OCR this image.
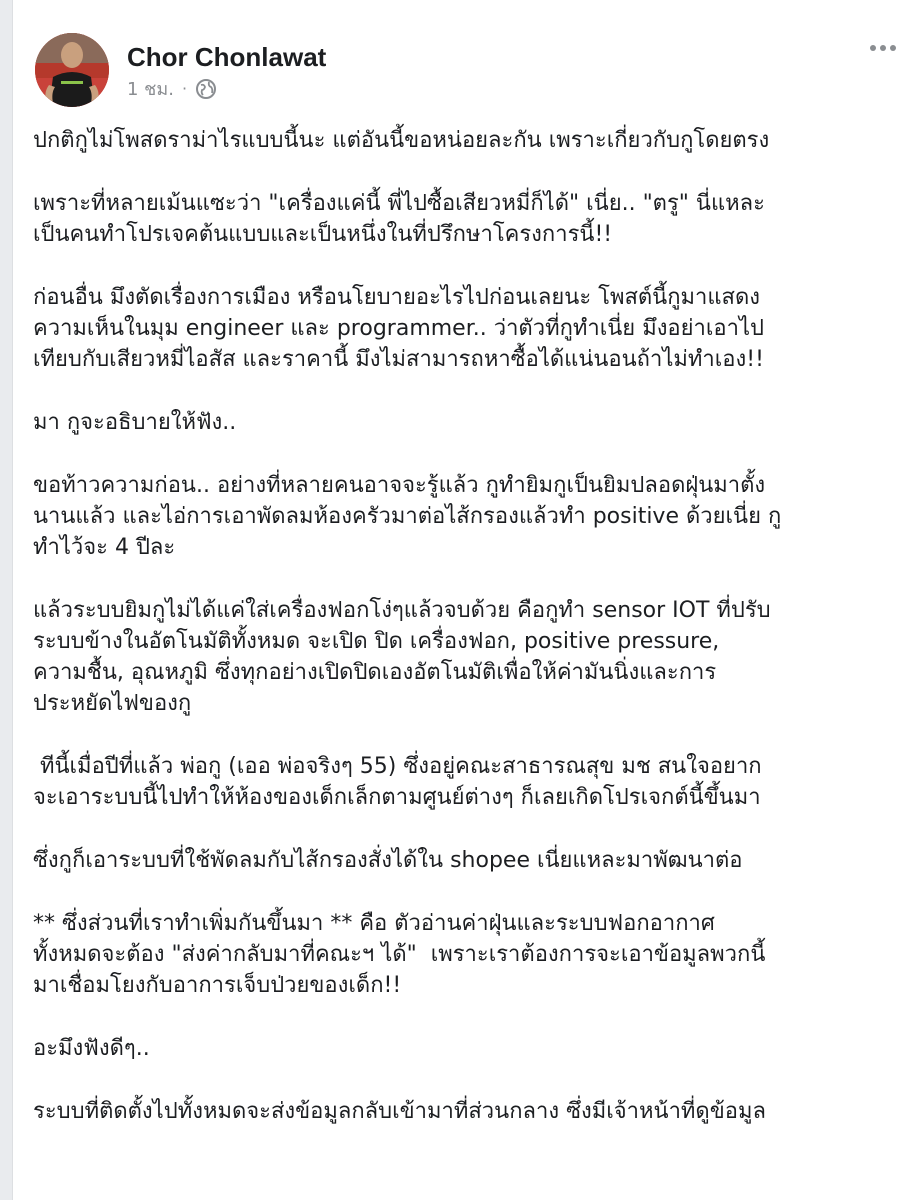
Chor Chonlawat
1 ชม. ·

ปกติกูไม่โพสดราม่าไรแบบนี้นะ แต่อันนี้ขอหน่อยละกัน เพราะเกี่ยวกับกูโดยตรง

เพราะที่หลายเม้นแซะว่า "เครื่องแค่นี้ พี่ไปซื้อเสียวหมี่ก็ได้" เนี่ย.. "ตรู" นี่แหละ
เป็นคนทำโปรเจคต้นแบบและเป็นหนึ่งในที่ปรึกษาโครงการนี้!!

ก่อนอื่น มึงตัดเรื่องการเมือง หรือนโยบายอะไรไปก่อนเลยนะ โพสต์นี้กูมาแสดง
ความเห็นในมุม engineer และ programmer.. ว่าตัวที่กูทำเนี่ย มึงอย่าเอาไป
เทียบกับเสียวหมี่ไอสัส และราคานี้ มึงไม่สามารถหาซื้อได้แน่นอนถ้าไม่ทำเอง!!

มา กูจะอธิบายให้ฟัง..

ขอท้าวความก่อน.. อย่างที่หลายคนอาจจะรู้แล้ว กูทำยิมกูเป็นยิมปลอดฝุ่นมาตั้ง
นานแล้ว และไอ่การเอาพัดลมห้องครัวมาต่อไส้กรองแล้วทำ positive ด้วยเนี่ย กู
ทำไว้จะ 4 ปีละ

แล้วระบบยิมกูไม่ได้แค่ใส่เครื่องฟอกโง่ๆแล้วจบด้วย คือกูทำ sensor IOT ที่ปรับ
ระบบข้างในอัตโนมัติทั้งหมด จะเปิด ปิด เครื่องฟอก, positive pressure,
ความชื้น, อุณหภูมิ ซึ่งทุกอย่างเปิดปิดเองอัตโนมัติเพื่อให้ค่ามันนิ่งและการ
ประหยัดไฟของกู

ทีนี้เมื่อปีที่แล้ว พ่อกู (เออ พ่อจริงๆ 55) ซึ่งอยู่คณะสาธารณสุข มช สนใจอยาก
จะเอาระบบนี้ไปทำให้ห้องของเด็กเล็กตามศูนย์ต่างๆ ก็เลยเกิดโปรเจกต์นี้ขึ้นมา

ซึ่งกูก็เอาระบบที่ใช้พัดลมกับไส้กรองสั่งได้ใน shopee เนี่ยแหละมาพัฒนาต่อ

** ซึ่งส่วนที่เราทำเพิ่มกันขึ้นมา ** คือ ตัวอ่านค่าฝุ่นและระบบฟอกอากาศ
ทั้งหมดจะต้อง "ส่งค่ากลับมาที่คณะฯ ได้"  เพราะเราต้องการจะเอาข้อมูลพวกนี้
มาเชื่อมโยงกับอาการเจ็บป่วยของเด็ก!!

อะมึงฟังดีๆ..

ระบบที่ติดตั้งไปทั้งหมดจะส่งข้อมูลกลับเข้ามาที่ส่วนกลาง ซึ่งมีเจ้าหน้าที่ดูข้อมูล
